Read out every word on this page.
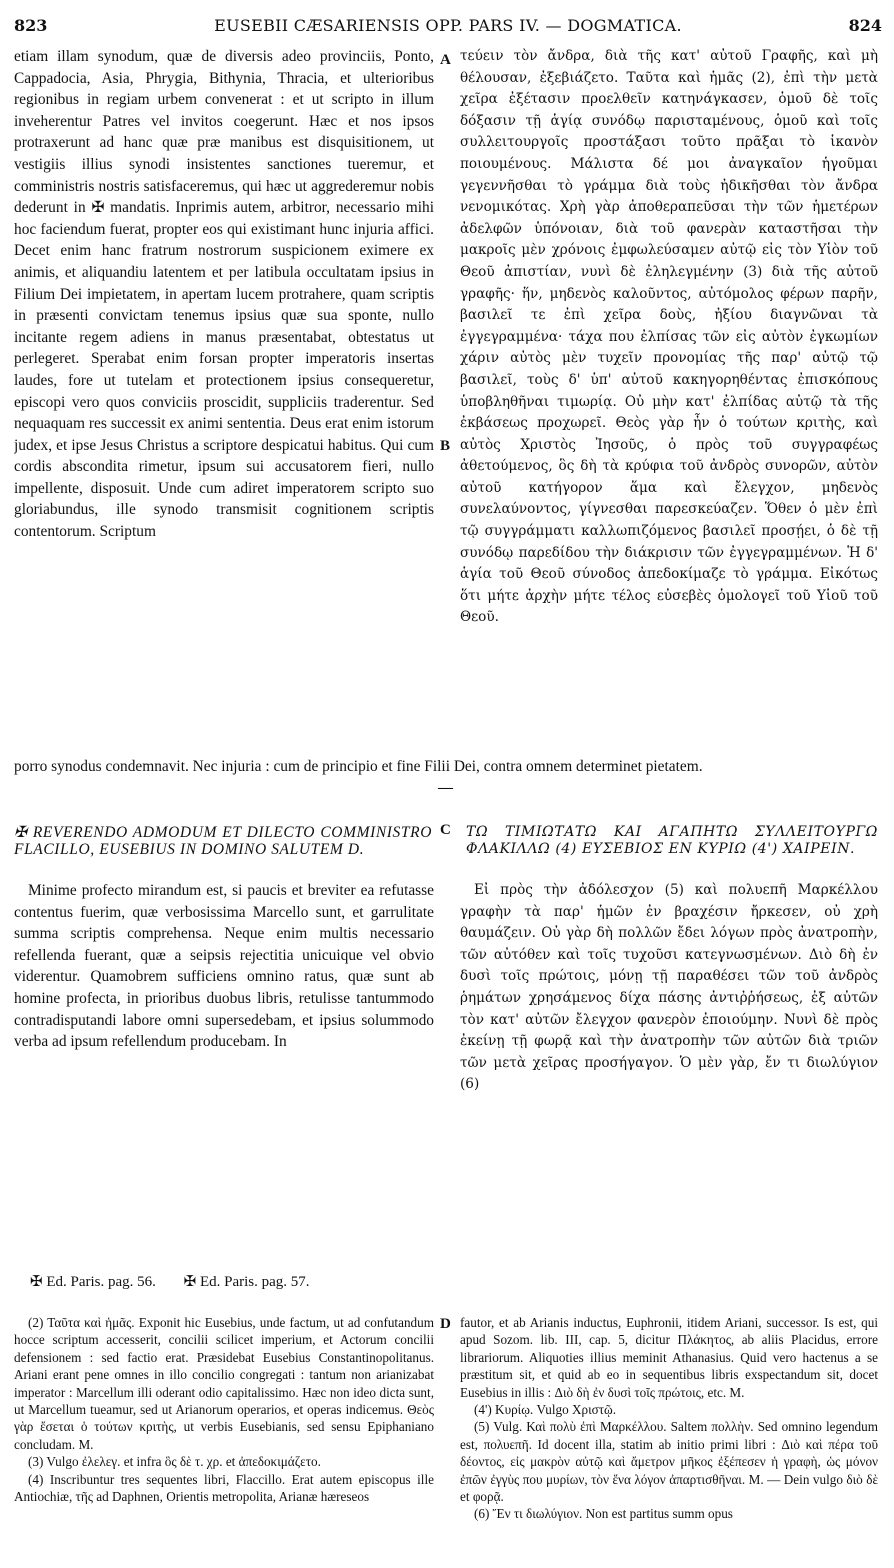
823	EUSEBII CÆSARIENSIS OPP. PARS IV. — DOGMATICA.	824
etiam illam synodum, quæ de diversis adeo provinciis, Ponto, Cappadocia, Asia, Phrygia, Bithynia, Thracia, et ulterioribus regionibus in regiam urbem convenerat : et ut scripto in illum inveherentur Patres vel invitos coegerunt. Hæc et nos ipsos protraxerunt ad hanc quæ præ manibus est disquisitionem, ut vestigiis illius synodi insistentes sanctiones tueremur, et comministris nostris satisfaceremus, qui hæc ut aggrederemur nobis dederunt in ✠ mandatis. Inprimis autem, arbitror, necessario mihi hoc faciendum fuerat, propter eos qui existimant hunc injuria affici. Decet enim hanc fratrum nostrorum suspicionem eximere ex animis, et aliquandiu latentem et per latibula occultatam ipsius in Filium Dei impietatem, in apertam lucem protrahere, quam scriptis in præsenti convictam tenemus ipsius quæ sua sponte, nullo incitante regem adiens in manus præsentabat, obtestatus ut perlegeret. Sperabat enim forsan propter imperatoris insertas laudes, fore ut tutelam et protectionem ipsius consequeretur, episcopi vero quos conviciis proscidit, suppliciis traderentur. Sed nequaquam res successit ex animi sententia. Deus erat enim istorum judex, et ipse Jesus Christus a scriptore despicatui habitus. Qui cum cordis abscondita rimetur, ipsum sui accusatorem fieri, nullo impellente, disposuit. Unde cum adiret imperatorem scripto suo gloriabundus, ille synodo transmisit cognitionem scriptis contentorum. Scriptum
A
B
τεύειν τὸν ἄνδρα, διὰ τῆς κατ' αὐτοῦ Γραφῆς, καὶ μὴ θέλουσαν, ἐξεβιάζετο. Ταῦτα καὶ ἡμᾶς (2), ἐπὶ τὴν μετὰ χεῖρα ἐξέτασιν προελθεῖν κατηνάγκασεν, ὁμοῦ δὲ τοῖς δόξασιν τῇ ἁγίᾳ συνόδῳ παρισταμένους, ὁμοῦ καὶ τοῖς συλλειτουργοῖς προστάξασι τοῦτο πρᾶξαι τὸ ἱκανὸν ποιουμένους. Μάλιστα δέ μοι ἀναγκαῖον ἡγοῦμαι γεγεννῆσθαι τὸ γράμμα διὰ τοὺς ἠδικῆσθαι τὸν ἄνδρα νενομικότας. Χρὴ γὰρ ἀποθεραπεῦσαι τὴν τῶν ἡμετέρων ἀδελφῶν ὑπόνοιαν, διὰ τοῦ φανερὰν καταστῆσαι τὴν μακροῖς μὲν χρόνοις ἐμφωλεύσαμεν αὐτῷ εἰς τὸν Υἱὸν τοῦ Θεοῦ ἀπιστίαν, νυνὶ δὲ ἐληλεγμένην (3) διὰ τῆς αὐτοῦ γραφῆς· ἥν, μηδενὸς καλοῦντος, αὐτόμολος φέρων παρῆν, βασιλεῖ τε ἐπὶ χεῖρα δοὺς, ἠξίου διαγνῶναι τὰ ἐγγεγραμμένα· τάχα που ἐλπίσας τῶν εἰς αὐτὸν ἐγκωμίων χάριν αὐτὸς μὲν τυχεῖν προνομίας τῆς παρ' αὐτῷ τῷ βασιλεῖ, τοὺς δ' ὑπ' αὐτοῦ κακηγορηθέντας ἐπισκόπους ὑποβληθῆναι τιμωρίᾳ. Οὐ μὴν κατ' ἐλπίδας αὐτῷ τὰ τῆς ἐκβάσεως προχωρεῖ. Θεὸς γὰρ ἦν ὁ τούτων κριτὴς, καὶ αὐτὸς Χριστὸς Ἰησοῦς, ὁ πρὸς τοῦ συγγραφέως ἀθετούμενος, ὃς δὴ τὰ κρύφια τοῦ ἀνδρὸς συνορῶν, αὐτὸν αὐτοῦ κατήγορον ἅμα καὶ ἔλεγχον, μηδενὸς συνελαύνοντος, γίγνεσθαι παρεσκεύαζεν. Ὅθεν ὁ μὲν ἐπὶ τῷ συγγράμματι καλλωπιζόμενος βασιλεῖ προσῄει, ὁ δὲ τῇ συνόδῳ παρεδίδου τὴν διάκρισιν τῶν ἐγγεγραμμένων. Ἡ δ' ἁγία τοῦ Θεοῦ σύνοδος ἀπεδοκίμαζε τὸ γράμμα. Εἰκότως ὅτι μήτε ἀρχὴν μήτε τέλος εὐσεβὲς ὁμολογεῖ τοῦ Υἱοῦ τοῦ Θεοῦ.
porro synodus condemnavit. Nec injuria : cum de principio et fine Filii Dei, contra omnem determinet pietatem.
—
✠ REVERENDO ADMODUM ET DILECTO COMMINISTRO FLACILLO, EUSEBIUS IN DOMINO SALUTEM D.
C ΤΩ ΤΙΜΙΩΤΑΤΩ ΚΑΙ ΑΓΑΠΗΤΩ ΣΥΛΛΕΙΤΟΥΡΓΩ ΦΛΑΚΙΛΛΩ (4) ΕΥΣΕΒΙΟΣ ΕΝ ΚΥΡΙΩ (4') ΧΑΙΡΕΙΝ.

Minime profecto mirandum est, si paucis et breviter ea refutasse contentus fuerim, quæ verbosissima Marcello sunt, et garrulitate summa scriptis comprehensa. Neque enim multis necessario refellenda fuerant, quæ a seipsis rejectitia unicuique vel obvio viderentur. Quamobrem sufficiens omnino ratus, quæ sunt ab homine profecta, in prioribus duobus libris, retulisse tantummodo contradisputandi labore omni supersedebam, et ipsius solummodo verba ad ipsum refellendum producebam. In

Εἰ πρὸς τὴν ἀδόλεσχον (5) καὶ πολυεπῆ Μαρκέλλου γραφὴν τὰ παρ' ἡμῶν ἐν βραχέσιν ἤρκεσεν, οὐ χρὴ θαυμάζειν. Οὐ γὰρ δὴ πολλῶν ἔδει λόγων πρὸς ἀνατροπὴν, τῶν αὐτόθεν καὶ τοῖς τυχοῦσι κατεγνωσμένων. Διὸ δὴ ἐν δυσὶ τοῖς πρώτοις, μόνῃ τῇ παραθέσει τῶν τοῦ ἀνδρὸς ῥημάτων χρησάμενος δίχα πάσης ἀντιῤῥήσεως, ἐξ αὐτῶν τὸν κατ' αὐτῶν ἔλεγχον φανερὸν ἐποιούμην. Νυνὶ δὲ πρὸς ἐκείνῃ τῇ φωρᾷ καὶ τὴν ἀνατροπὴν τῶν αὐτῶν διὰ τριῶν τῶν μετὰ χεῖρας προσήγαγον. Ὁ μὲν γὰρ, ἔν τι διωλύγιον (6)

✠ Ed. Paris. pag. 56. ✠ Ed. Paris. pag. 57.

(2) Ταῦτα καὶ ἡμᾶς. Exponit hic Eusebius, unde factum, ut ad confutandum hocce scriptum accesserit, concilii scilicet imperium, et Actorum concilii defensionem : sed factio erat. Præsidebat Eusebius Constantinopolitanus. Ariani erant pene omnes in illo concilio congregati : tantum non arianizabat imperator : Marcellum illi oderant odio capitalissimo. Hæc non ideo dicta sunt, ut Marcellum tueamur, sed ut Arianorum operarios, et operas indicemus. Θεὸς γὰρ ἔσεται ὁ τούτων κριτὴς, ut verbis Eusebianis, sed sensu Epiphaniano concludam. M.

(3) Vulgo ἐλελεγ. et infra ὃς δὲ τ. χρ. et ἀπεδοκιμάζετο.

(4) Inscribuntur tres sequentes libri, Flaccillo. Erat autem episcopus ille Antiochiæ, τῆς ad Daphnen, Orientis metropolita, Arianæ hæreseos

D fautor, et ab Arianis inductus, Euphronii, itidem Ariani, successor. Is est, qui apud Sozom. lib. III, cap. 5, dicitur Πλάκητος, ab aliis Placidus, errore librariorum. Aliquoties illius meminit Athanasius. Quid vero hactenus a se præstitum sit, et quid ab eo in sequentibus libris exspectandum sit, docet Eusebius in illis : Διὸ δὴ ἐν δυσὶ τοῖς πρώτοις, etc. M.

(4') Κυρίῳ. Vulgo Χριστῷ.

(5) Vulg. Καὶ πολὺ ἐπὶ Μαρκέλλου. Saltem πολλὴν. Sed omnino legendum est, πολυεπῆ. Id docent illa, statim ab initio primi libri : Διὸ καὶ πέρα τοῦ δέοντος, εἰς μακρὸν αὐτῷ καὶ ἄμετρον μῆκος ἐξέπεσεν ἡ γραφὴ, ὡς μόνον ἐπῶν ἐγγὺς που μυρίων, τὸν ἕνα λόγον ἀπαρτισθῆναι. M. — Dein vulgo διὸ δὲ et φορᾷ.

(6) Ἔν τι διωλύγιον. Non est partitus summ opus
